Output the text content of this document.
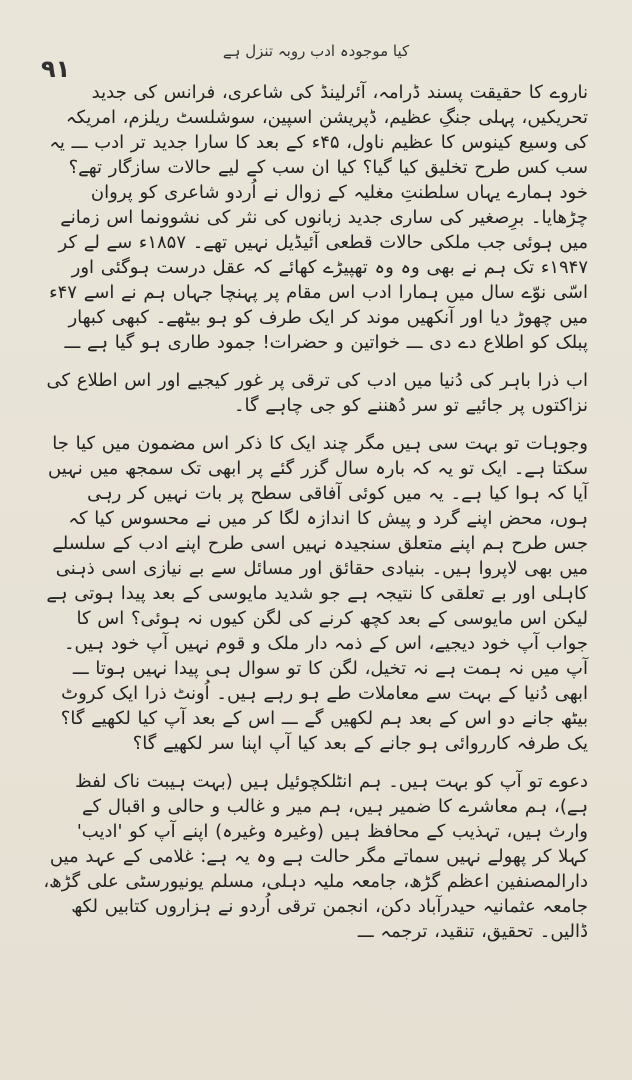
۹۱
کیا موجودہ ادب روبہ تنزل ہے

ناروے کا حقیقت پسند ڈرامہ، آئرلینڈ کی شاعری، فرانس کی جدید تحریکیں، پہلی جنگِ عظیم، ڈپریشن اسپین، سوشلسٹ ریلزم، امریکہ کی وسیع کینوس کا عظیم ناول، ۴۵ء کے بعد کا سارا جدید تر ادب ـــ یہ سب کس طرح تخلیق کیا گیا؟ کیا ان سب کے لیے حالات سازگار تھے؟ خود ہمارے یہاں سلطنتِ مغلیہ کے زوال نے اُردو شاعری کو پروان چڑھایا۔ برِصغیر کی ساری جدید زبانوں کی نثر کی نشوونما اس زمانے میں ہوئی جب ملکی حالات قطعی آئیڈیل نہیں تھے۔ ۱۸۵۷ء سے لے کر ۱۹۴۷ء تک ہم نے بھی وہ وہ تھپیڑے کھائے کہ عقل درست ہوگئی اور اسّی نوّے سال میں ہمارا ادب اس مقام پر پہنچا جہاں ہم نے اسے ۴۷ء میں چھوڑ دیا اور آنکھیں موند کر ایک طرف کو ہو بیٹھے۔ کبھی کبھار پبلک کو اطلاع دے دی ـــ خواتین و حضرات! جمود طاری ہو گیا ہے ـــ

اب ذرا باہر کی دُنیا میں ادب کی ترقی پر غور کیجیے اور اس اطلاع کی نزاکتوں پر جائیے تو سر دُھننے کو جی چاہے گا۔

وجوہات تو بہت سی ہیں مگر چند ایک کا ذکر اس مضمون میں کیا جا سکتا ہے۔ ایک تو یہ کہ بارہ سال گزر گئے پر ابھی تک سمجھ میں نہیں آیا کہ ہوا کیا ہے۔ یہ میں کوئی آفاقی سطح پر بات نہیں کر رہی ہوں، محض اپنے گرد و پیش کا اندازہ لگا کر میں نے محسوس کیا کہ جس طرح ہم اپنے متعلق سنجیدہ نہیں اسی طرح اپنے ادب کے سلسلے میں بھی لاپروا ہیں۔ بنیادی حقائق اور مسائل سے بے نیازی اسی ذہنی کاہلی اور بے تعلقی کا نتیجہ ہے جو شدید مایوسی کے بعد پیدا ہوتی ہے لیکن اس مایوسی کے بعد کچھ کرنے کی لگن کیوں نہ ہوئی؟ اس کا جواب آپ خود دیجیے، اس کے ذمہ دار ملک و قوم نہیں آپ خود ہیں۔ آپ میں نہ ہمت ہے نہ تخیل، لگن کا تو سوال ہی پیدا نہیں ہوتا ـــ ابھی دُنیا کے بہت سے معاملات طے ہو رہے ہیں۔ اُونٹ ذرا ایک کروٹ بیٹھ جانے دو اس کے بعد ہم لکھیں گے ـــ اس کے بعد آپ کیا لکھیے گا؟ یک طرفہ کارروائی ہو جانے کے بعد کیا آپ اپنا سر لکھیے گا؟

دعوے تو آپ کو بہت ہیں۔ ہم انٹلکچوئیل ہیں (بہت ہیبت ناک لفظ ہے)، ہم معاشرے کا ضمیر ہیں، ہم میر و غالب و حالی و اقبال کے وارث ہیں، تہذیب کے محافظ ہیں (وغیرہ وغیرہ) اپنے آپ کو 'ادیب' کہلا کر پھولے نہیں سماتے مگر حالت ہے وہ یہ ہے: غلامی کے عہد میں دارالمصنفین اعظم گڑھ، جامعہ ملیہ دہلی، مسلم یونیورسٹی علی گڑھ، جامعہ عثمانیہ حیدرآباد دکن، انجمن ترقی اُردو نے ہزاروں کتابیں لکھ ڈالیں۔ تحقیق، تنقید، ترجمہ ـــ
